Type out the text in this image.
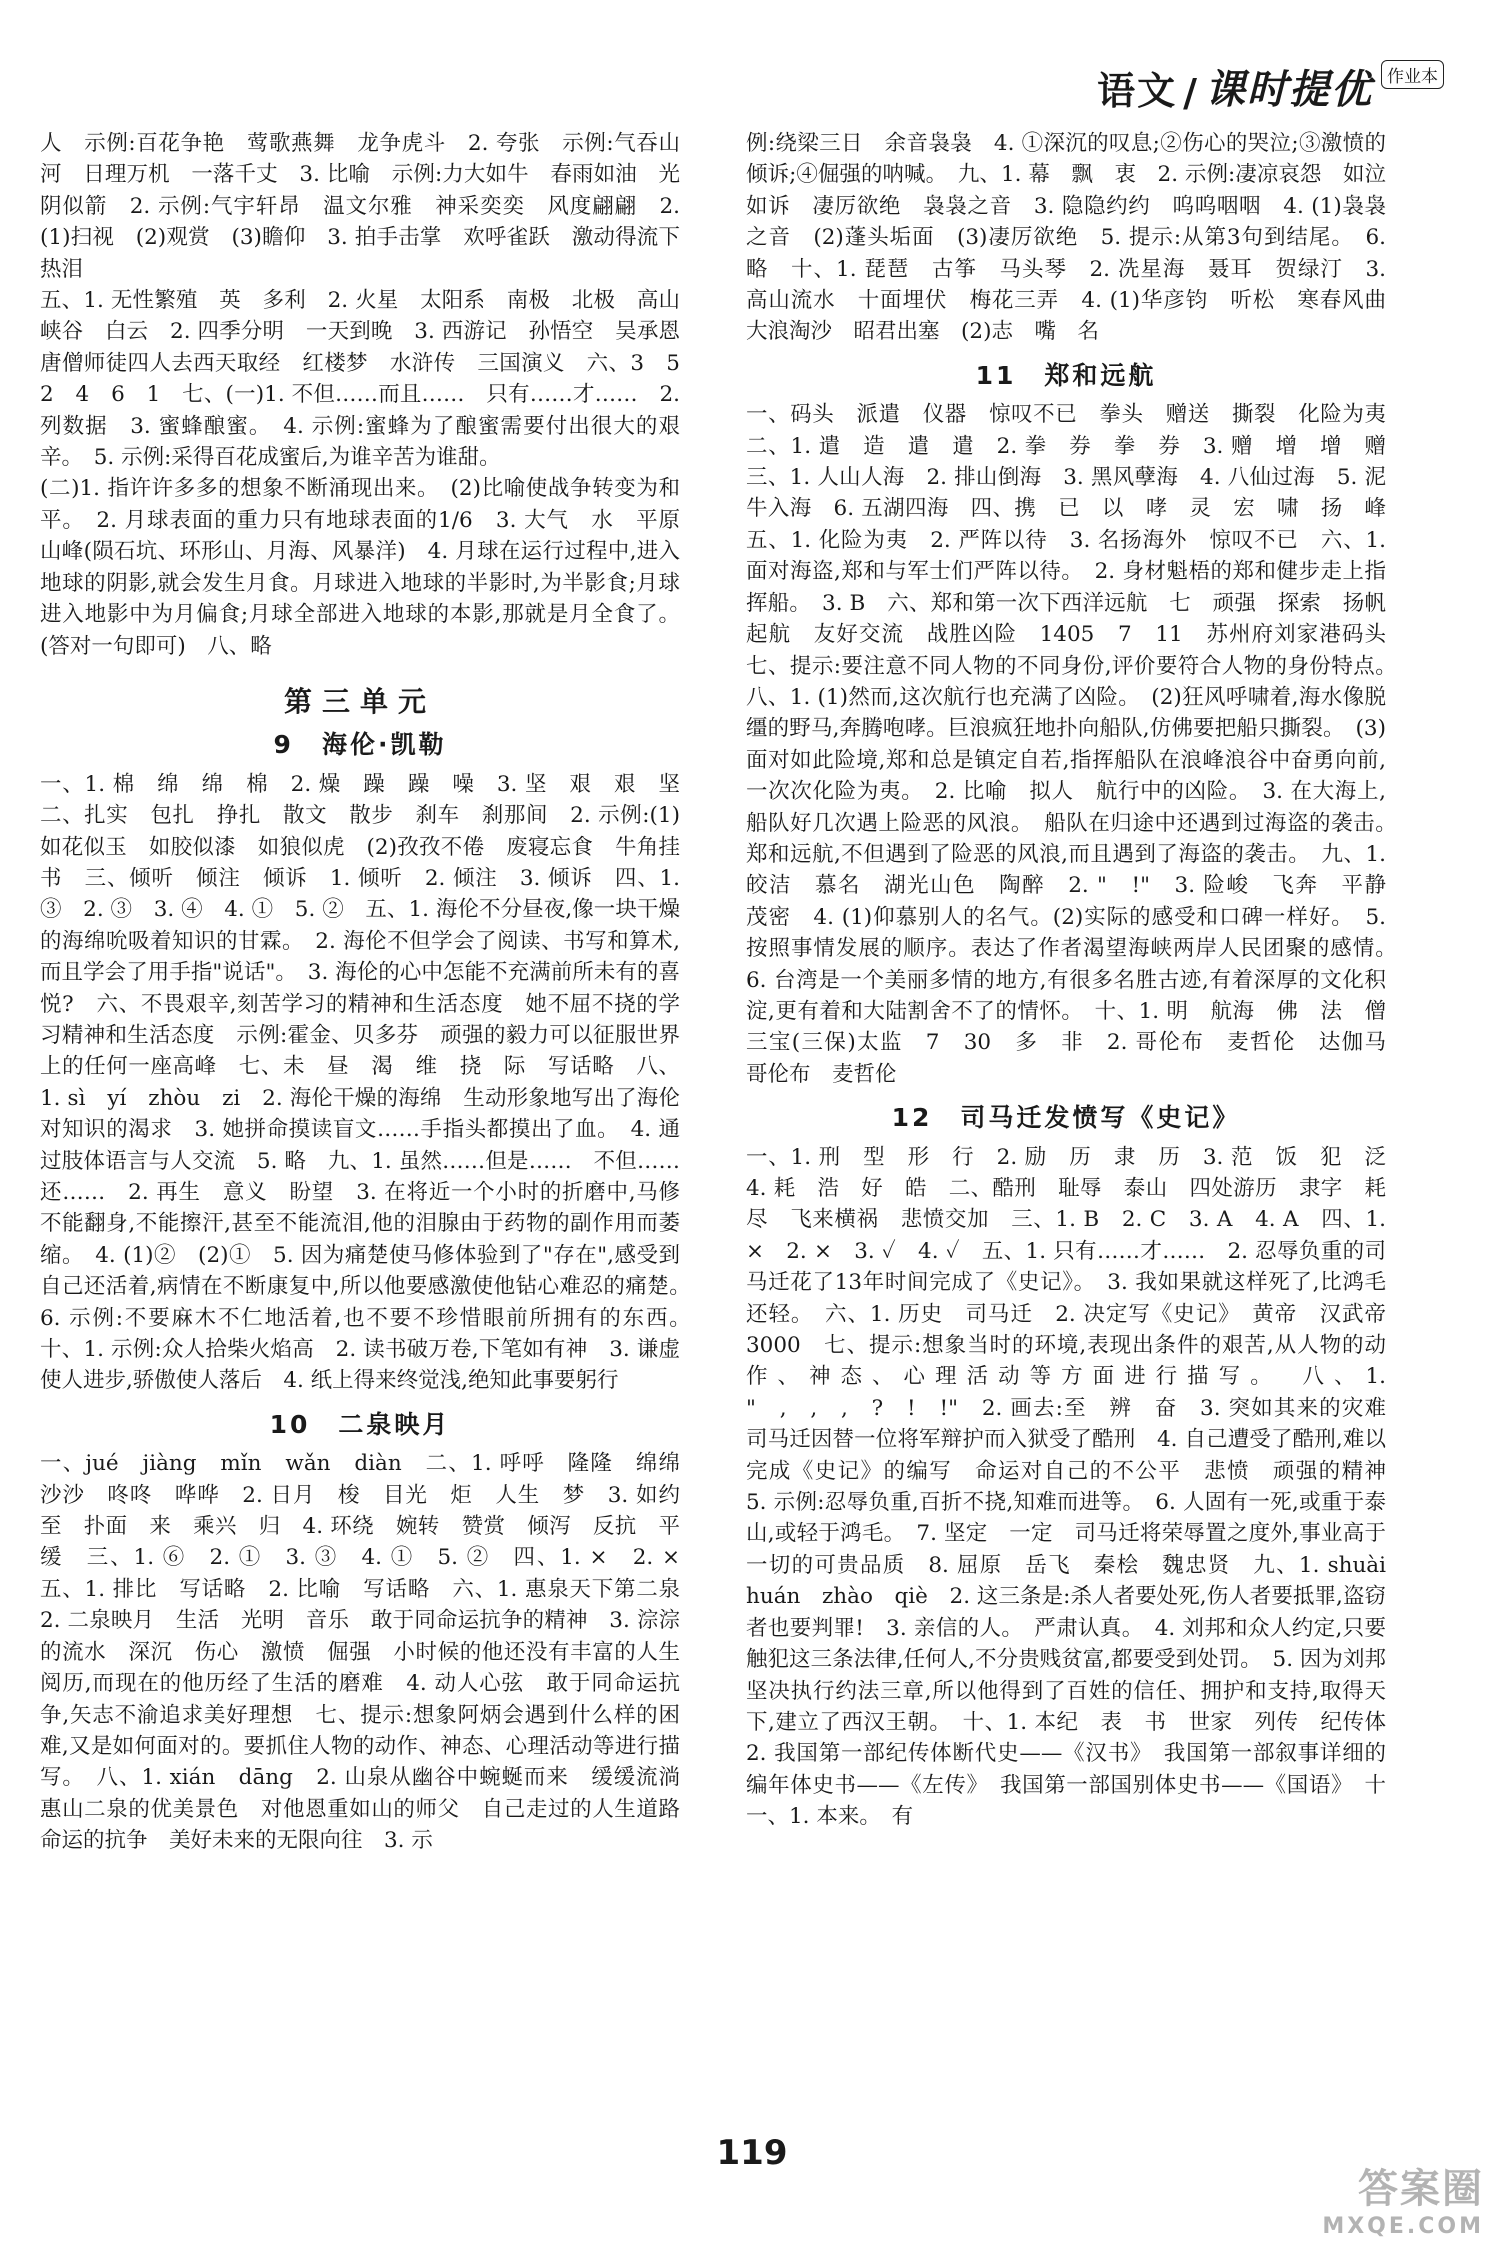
语文 / 课时提优 作业本

人　示例:百花争艳　莺歌燕舞　龙争虎斗　2. 夸张　示例:气吞山河　日理万机　一落千丈　3. 比喻　示例:力大如牛　春雨如油　光阴似箭　2. 示例:气宇轩昂　温文尔雅　神采奕奕　风度翩翩　2. (1)扫视　(2)观赏　(3)瞻仰　3. 拍手击掌　欢呼雀跃　激动得流下热泪

五、1. 无性繁殖　英　多利　2. 火星　太阳系　南极　北极　高山　峡谷　白云　2. 四季分明　一天到晚　3. 西游记　孙悟空　吴承恩　唐僧师徒四人去西天取经　红楼梦　水浒传　三国演义　六、3　5　2　4　6　1　七、(一)1. 不但……而且……　只有……才……　2. 列数据　3. 蜜蜂酿蜜。　4. 示例:蜜蜂为了酿蜜需要付出很大的艰辛。　5. 示例:采得百花成蜜后,为谁辛苦为谁甜。

(二)1. 指许许多多的想象不断涌现出来。　(2)比喻使战争转变为和平。　2. 月球表面的重力只有地球表面的1/6　3. 大气　水　平原　山峰(陨石坑、环形山、月海、风暴洋)　4. 月球在运行过程中,进入地球的阴影,就会发生月食。月球进入地球的半影时,为半影食;月球进入地影中为月偏食;月球全部进入地球的本影,那就是月全食了。(答对一句即可)　八、略

第三单元
9　海伦·凯勒

一、1. 棉　绵　绵　棉　2. 燥　躁　躁　噪　3. 坚　艰　艰　坚　二、扎实　包扎　挣扎　散文　散步　刹车　刹那间　2. 示例:(1)如花似玉　如胶似漆　如狼似虎　(2)孜孜不倦　废寝忘食　牛角挂书　三、倾听　倾注　倾诉　1. 倾听　2. 倾注　3. 倾诉　四、1. ③　2. ③　3. ④　4. ①　5. ②　五、1. 海伦不分昼夜,像一块干燥的海绵吮吸着知识的甘霖。　2. 海伦不但学会了阅读、书写和算术,而且学会了用手指"说话"。　3. 海伦的心中怎能不充满前所未有的喜悦?　六、不畏艰辛,刻苦学习的精神和生活态度　她不屈不挠的学习精神和生活态度　示例:霍金、贝多芬　顽强的毅力可以征服世界上的任何一座高峰　七、未　昼　渴　维　挠　际　写话略　八、1. sì　yí　zhòu　zi　2. 海伦干燥的海绵　生动形象地写出了海伦对知识的渴求　3. 她拼命摸读盲文……手指头都摸出了血。　4. 通过肢体语言与人交流　5. 略　九、1. 虽然……但是……　不但……还……　2. 再生　意义　盼望　3. 在将近一个小时的折磨中,马修不能翻身,不能擦汗,甚至不能流泪,他的泪腺由于药物的副作用而萎缩。　4. (1)②　(2)①　5. 因为痛楚使马修体验到了"存在",感受到自己还活着,病情在不断康复中,所以他要感激使他钻心难忍的痛楚。　6. 示例:不要麻木不仁地活着,也不要不珍惜眼前所拥有的东西。　十、1. 示例:众人拾柴火焰高　2. 读书破万卷,下笔如有神　3. 谦虚使人进步,骄傲使人落后　4. 纸上得来终觉浅,绝知此事要躬行

10　二泉映月

一、jué　jiàng　mǐn　wǎn　diàn　二、1. 呼呼　隆隆　绵绵　沙沙　咚咚　哗哗　2. 日月　梭　目光　炬　人生　梦　3. 如约　至　扑面　来　乘兴　归　4. 环绕　婉转　赞赏　倾泻　反抗　平缓　三、1. ⑥　2. ①　3. ③　4. ①　5. ②　四、1. ×　2. ×　五、1. 排比　写话略　2. 比喻　写话略　六、1. 惠泉天下第二泉　2. 二泉映月　生活　光明　音乐　敢于同命运抗争的精神　3. 淙淙的流水　深沉　伤心　激愤　倔强　小时候的他还没有丰富的人生阅历,而现在的他历经了生活的磨难　4. 动人心弦　敢于同命运抗争,矢志不渝追求美好理想　七、提示:想象阿炳会遇到什么样的困难,又是如何面对的。要抓住人物的动作、神态、心理活动等进行描写。　八、1. xián　dāng　2. 山泉从幽谷中蜿蜒而来　缓缓流淌　惠山二泉的优美景色　对他恩重如山的师父　自己走过的人生道路　命运的抗争　美好未来的无限向往　3. 示

例:绕梁三日　余音袅袅　4. ①深沉的叹息;②伤心的哭泣;③激愤的倾诉;④倔强的呐喊。　九、1. 幕　飘　衷　2. 示例:凄凉哀怨　如泣如诉　凄厉欲绝　袅袅之音　3. 隐隐约约　呜呜咽咽　4. (1)袅袅之音　(2)蓬头垢面　(3)凄厉欲绝　5. 提示:从第3句到结尾。　6. 略　十、1. 琵琶　古筝　马头琴　2. 冼星海　聂耳　贺绿汀　3. 高山流水　十面埋伏　梅花三弄　4. (1)华彦钧　听松　寒春风曲　大浪淘沙　昭君出塞　(2)志　嘴　名

11　郑和远航

一、码头　派遣　仪器　惊叹不已　拳头　赠送　撕裂　化险为夷　二、1. 遣　造　遣　遣　2. 拳　券　拳　券　3. 赠　增　增　赠　三、1. 人山人海　2. 排山倒海　3. 黑风孽海　4. 八仙过海　5. 泥牛入海　6. 五湖四海　四、携　已　以　哮　灵　宏　啸　扬　峰　五、1. 化险为夷　2. 严阵以待　3. 名扬海外　惊叹不已　六、1. 面对海盗,郑和与军士们严阵以待。　2. 身材魁梧的郑和健步走上指挥船。　3. B　六、郑和第一次下西洋远航　七　顽强　探索　扬帆起航　友好交流　战胜凶险　1405　7　11　苏州府刘家港码头　七、提示:要注意不同人物的不同身份,评价要符合人物的身份特点。　八、1. (1)然而,这次航行也充满了凶险。　(2)狂风呼啸着,海水像脱缰的野马,奔腾咆哮。巨浪疯狂地扑向船队,仿佛要把船只撕裂。　(3)面对如此险境,郑和总是镇定自若,指挥船队在浪峰浪谷中奋勇向前,一次次化险为夷。　2. 比喻　拟人　航行中的凶险。　3. 在大海上,船队好几次遇上险恶的风浪。　船队在归途中还遇到过海盗的袭击。　郑和远航,不但遇到了险恶的风浪,而且遇到了海盗的袭击。　九、1. 皎洁　慕名　湖光山色　陶醉　2. "　!"　3. 险峻　飞奔　平静　茂密　4. (1)仰慕别人的名气。(2)实际的感受和口碑一样好。　5. 按照事情发展的顺序。表达了作者渴望海峡两岸人民团聚的感情。　6. 台湾是一个美丽多情的地方,有很多名胜古迹,有着深厚的文化积淀,更有着和大陆割舍不了的情怀。　十、1. 明　航海　佛　法　僧　三宝(三保)太监　7　30　多　非　2. 哥伦布　麦哲伦　达伽马　哥伦布　麦哲伦

12　司马迁发愤写《史记》

一、1. 刑　型　形　行　2. 励　历　隶　历　3. 范　饭　犯　泛　4. 耗　浩　好　皓　二、酷刑　耻辱　泰山　四处游历　隶字　耗尽　飞来横祸　悲愤交加　三、1. B　2. C　3. A　4. A　四、1. ×　2. ×　3. ✓　4. ✓　五、1. 只有……才……　2. 忍辱负重的司马迁花了13年时间完成了《史记》。　3. 我如果就这样死了,比鸿毛还轻。　六、1. 历史　司马迁　2. 决定写《史记》　黄帝　汉武帝　3000　七、提示:想象当时的环境,表现出条件的艰苦,从人物的动作、神态、心理活动等方面进行描写。　八、1. "　,　,　,　?　!　!"　2. 画去:至　辨　奋　3. 突如其来的灾难　司马迁因替一位将军辩护而入狱受了酷刑　4. 自己遭受了酷刑,难以完成《史记》的编写　命运对自己的不公平　悲愤　顽强的精神　5. 示例:忍辱负重,百折不挠,知难而进等。　6. 人固有一死,或重于泰山,或轻于鸿毛。　7. 坚定　一定　司马迁将荣辱置之度外,事业高于一切的可贵品质　8. 屈原　岳飞　秦桧　魏忠贤　九、1. shuài　huán　zhào　qiè　2. 这三条是:杀人者要处死,伤人者要抵罪,盗窃者也要判罪!　3. 亲信的人。　严肃认真。　4. 刘邦和众人约定,只要触犯这三条法律,任何人,不分贵贱贫富,都要受到处罚。　5. 因为刘邦坚决执行约法三章,所以他得到了百姓的信任、拥护和支持,取得天下,建立了西汉王朝。　十、1. 本纪　表　书　世家　列传　纪传体　2. 我国第一部纪传体断代史——《汉书》　我国第一部叙事详细的编年体史书——《左传》　我国第一部国别体史书——《国语》　十一、1. 本来。　有

119
答案圈
MXQE.COM
